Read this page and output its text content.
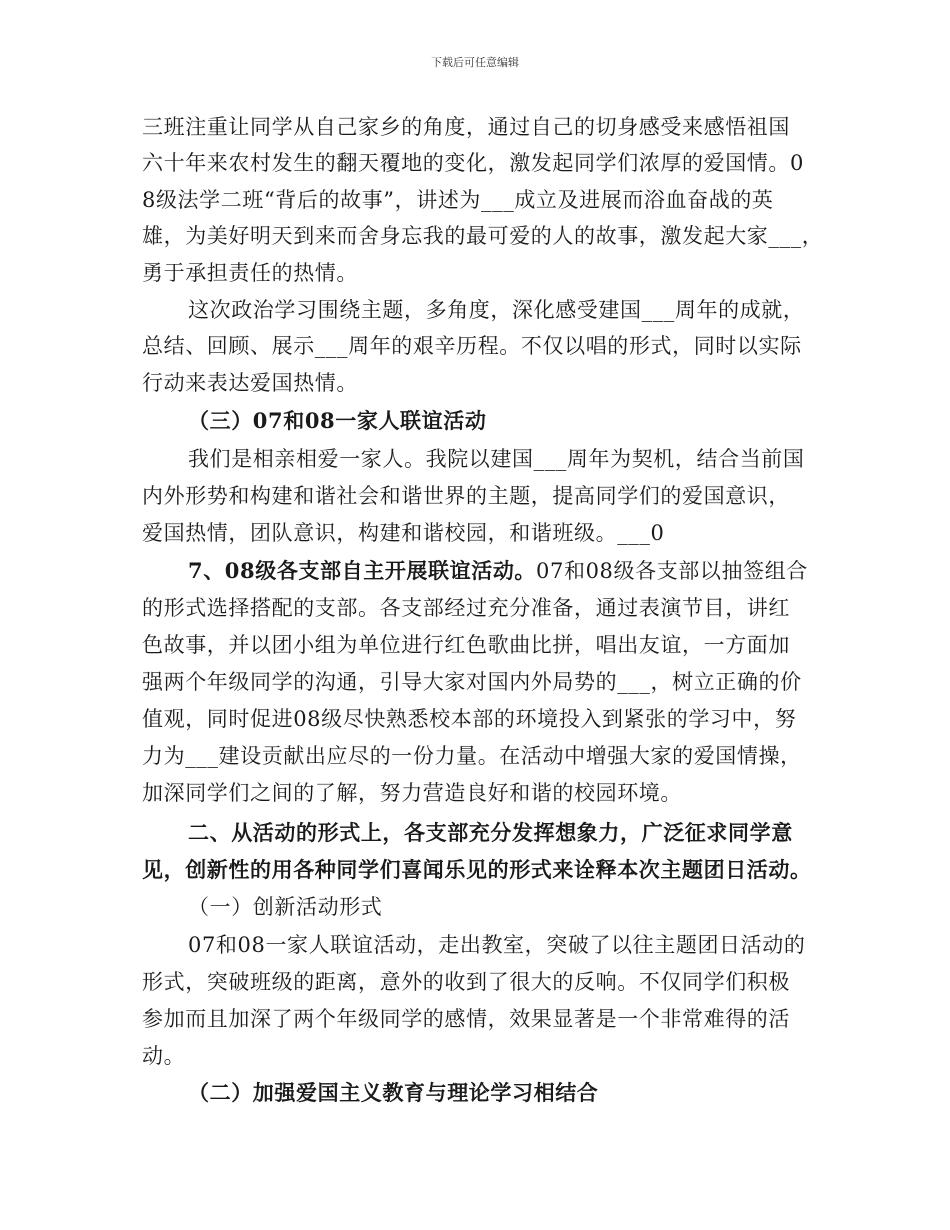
下载后可任意编辑
三班注重让同学从自己家乡的角度，通过自己的切身感受来感悟祖国
六十年来农村发生的翻天覆地的变化，激发起同学们浓厚的爱国情。0
8级法学二班“背后的故事”，讲述为___成立及进展而浴血奋战的英
雄，为美好明天到来而舍身忘我的最可爱的人的故事，激发起大家___，
勇于承担责任的热情。
这次政治学习围绕主题，多角度，深化感受建国___周年的成就，
总结、回顾、展示___周年的艰辛历程。不仅以唱的形式，同时以实际
行动来表达爱国热情。
（三）07和08一家人联谊活动
我们是相亲相爱一家人。我院以建国___周年为契机，结合当前国
内外形势和构建和谐社会和谐世界的主题，提高同学们的爱国意识，
爱国热情，团队意识，构建和谐校园，和谐班级。___0
7、08级各支部自主开展联谊活动。07和08级各支部以抽签组合
的形式选择搭配的支部。各支部经过充分准备，通过表演节目，讲红
色故事，并以团小组为单位进行红色歌曲比拼，唱出友谊，一方面加
强两个年级同学的沟通，引导大家对国内外局势的___，树立正确的价
值观，同时促进08级尽快熟悉校本部的环境投入到紧张的学习中，努
力为___建设贡献出应尽的一份力量。在活动中增强大家的爱国情操，
加深同学们之间的了解，努力营造良好和谐的校园环境。
二、从活动的形式上，各支部充分发挥想象力，广泛征求同学意
见，创新性的用各种同学们喜闻乐见的形式来诠释本次主题团日活动。
（一）创新活动形式
07和08一家人联谊活动，走出教室，突破了以往主题团日活动的
形式，突破班级的距离，意外的收到了很大的反响。不仅同学们积极
参加而且加深了两个年级同学的感情，效果显著是一个非常难得的活
动。
（二）加强爱国主义教育与理论学习相结合
